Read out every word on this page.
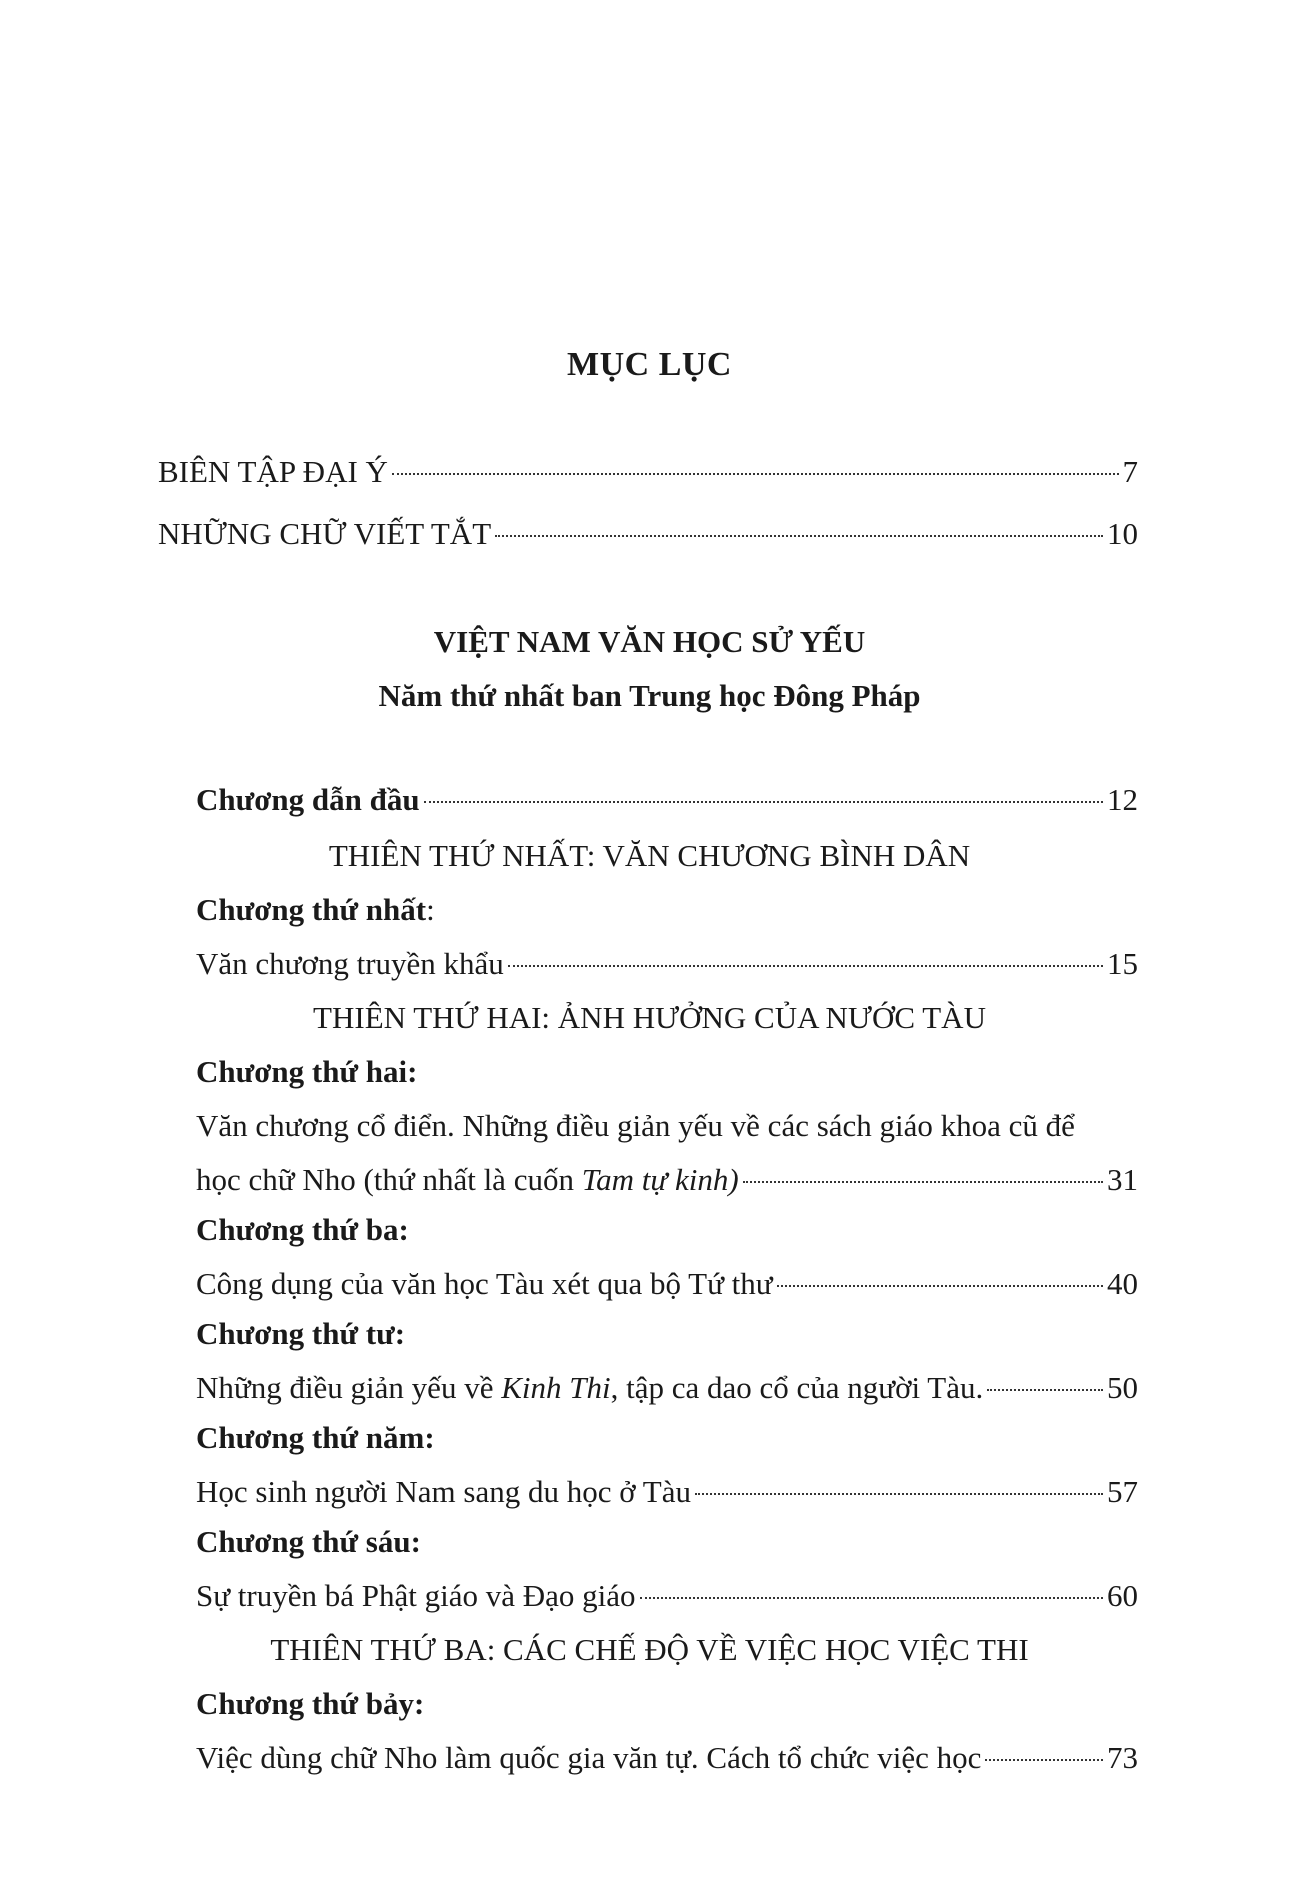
MỤC LỤC
BIÊN TẬP ĐẠI Ý	7
NHỮNG CHỮ VIẾT TẮT	10
VIỆT NAM VĂN HỌC SỬ YẾU
Năm thứ nhất ban Trung học Đông Pháp
Chương dẫn đầu	12
THIÊN THỨ NHẤT: VĂN CHƯƠNG BÌNH DÂN
Chương thứ nhất:
Văn chương truyền khẩu	15
THIÊN THỨ HAI: ẢNH HƯỞNG CỦA NƯỚC TÀU
Chương thứ hai:
Văn chương cổ điển. Những điều giản yếu về các sách giáo khoa cũ để
học chữ Nho (thứ nhất là cuốn Tam tự kinh)	31
Chương thứ ba:
Công dụng của văn học Tàu xét qua bộ Tứ thư	40
Chương thứ tư:
Những điều giản yếu về Kinh Thi, tập ca dao cổ của người Tàu.	50
Chương thứ năm:
Học sinh người Nam sang du học ở Tàu	57
Chương thứ sáu:
Sự truyền bá Phật giáo và Đạo giáo	60
THIÊN THỨ BA: CÁC CHẾ ĐỘ VỀ VIỆC HỌC VIỆC THI
Chương thứ bảy:
Việc dùng chữ Nho làm quốc gia văn tự. Cách tổ chức việc học	73
